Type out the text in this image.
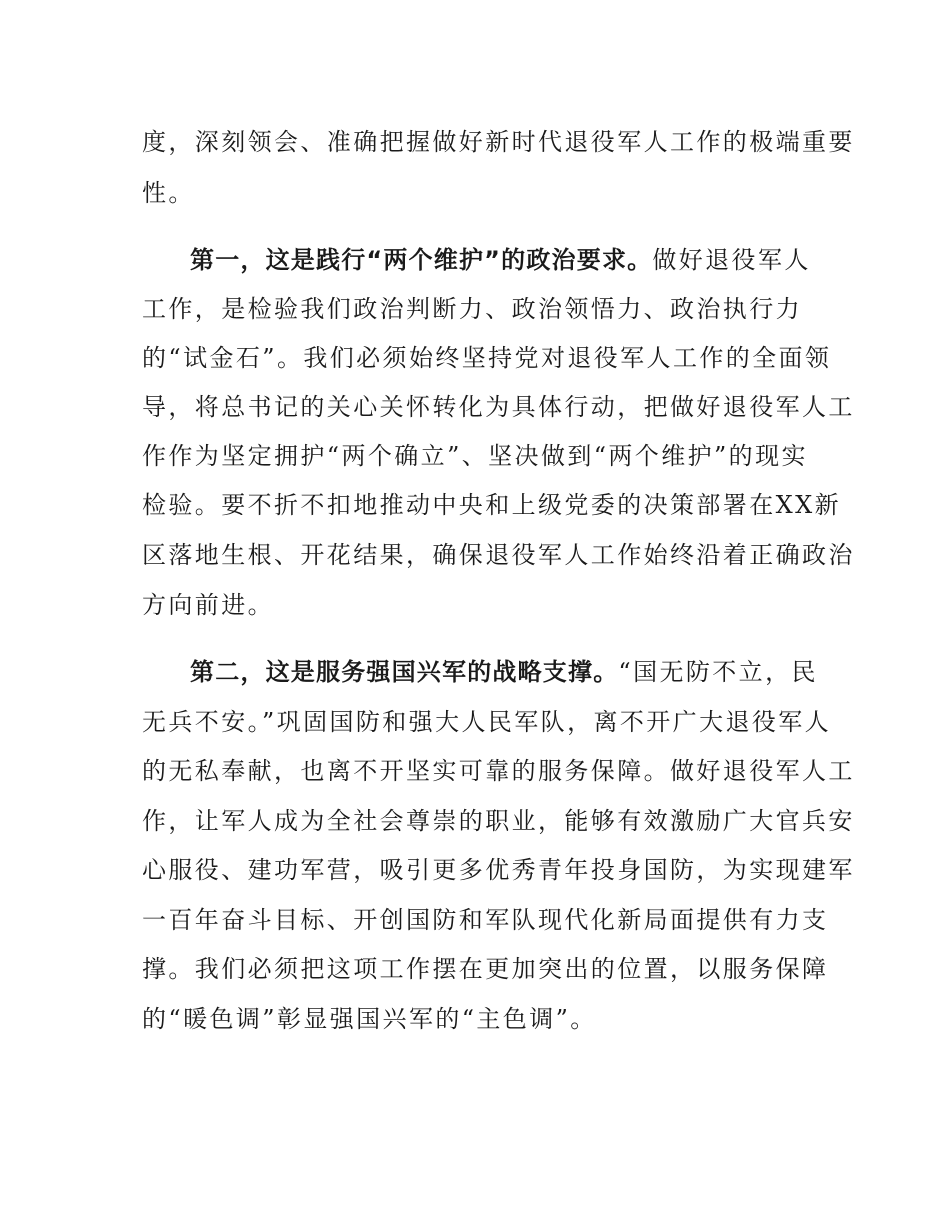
度，深刻领会、准确把握做好新时代退役军人工作的极端重要
性。
第一，这是践行“两个维护”的政治要求。做好退役军人
工作，是检验我们政治判断力、政治领悟力、政治执行力
的“试金石”。我们必须始终坚持党对退役军人工作的全面领
导，将总书记的关心关怀转化为具体行动，把做好退役军人工
作作为坚定拥护“两个确立”、坚决做到“两个维护”的现实
检验。要不折不扣地推动中央和上级党委的决策部署在XX新
区落地生根、开花结果，确保退役军人工作始终沿着正确政治
方向前进。
第二，这是服务强国兴军的战略支撑。“国无防不立，民
无兵不安。”巩固国防和强大人民军队，离不开广大退役军人
的无私奉献，也离不开坚实可靠的服务保障。做好退役军人工
作，让军人成为全社会尊崇的职业，能够有效激励广大官兵安
心服役、建功军营，吸引更多优秀青年投身国防，为实现建军
一百年奋斗目标、开创国防和军队现代化新局面提供有力支
撑。我们必须把这项工作摆在更加突出的位置，以服务保障
的“暖色调”彰显强国兴军的“主色调”。
